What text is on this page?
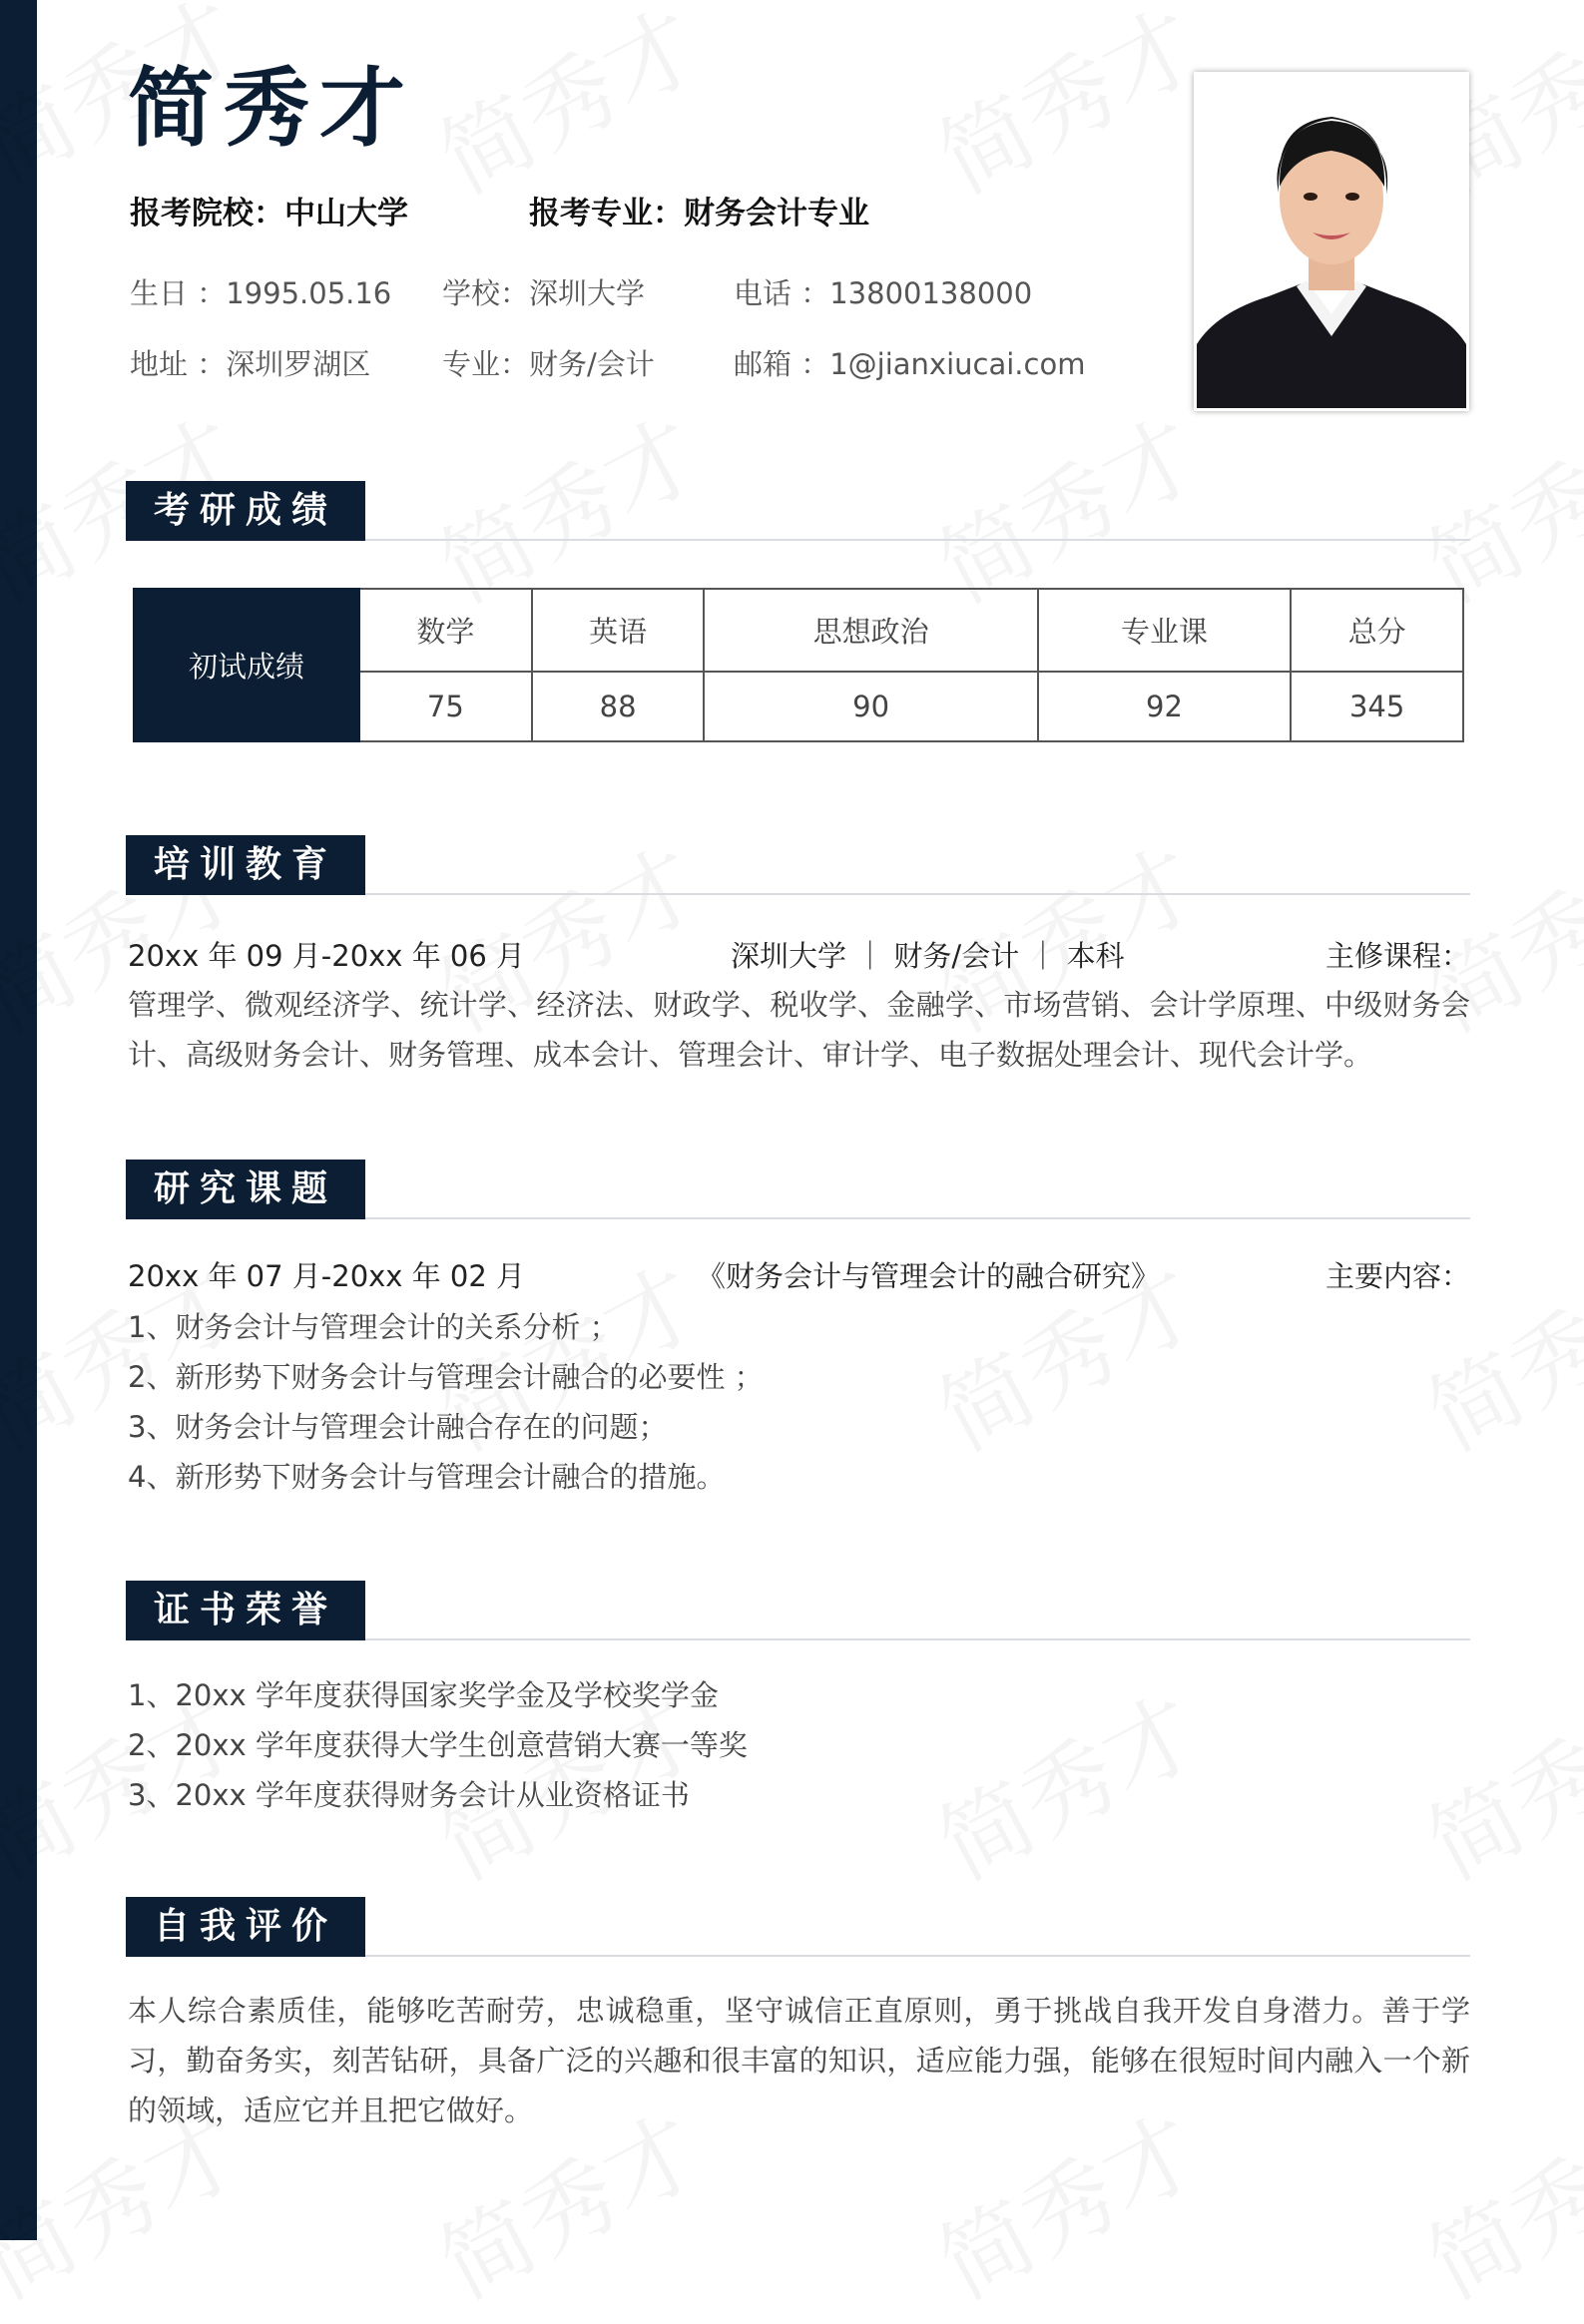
简秀才
报考院校：中山大学	报考专业：财务会计专业
生日 ：1995.05.16 学校：深圳大学	电话 ：13800138000
地址 ：深圳罗湖区 专业：财务/会计	邮箱 ：1@jianxiucai.com
考研成绩
初试成绩	数学	英语	思想政治	专业课	总分
	75	88	90	92	345
培训教育
20xx 年 09 月-20xx 年 06 月	深圳大学 ｜ 财务/会计 ｜ 本科	主修课程：

管理学、微观经济学、统计学、经济法、财政学、税收学、金融学、市场营销、会计学原理、中级财务会计、高级财务会计、财务管理、成本会计、管理会计、审计学、电子数据处理会计、现代会计学。

研究课题
20xx 年 07 月-20xx 年 02 月	《财务会计与管理会计的融合研究》	主要内容：
1、财务会计与管理会计的关系分析 ；
2、新形势下财务会计与管理会计融合的必要性 ；
3、财务会计与管理会计融合存在的问题；
4、新形势下财务会计与管理会计融合的措施。
证书荣誉
1、20xx 学年度获得国家奖学金及学校奖学金
2、20xx 学年度获得大学生创意营销大赛一等奖
3、20xx 学年度获得财务会计从业资格证书
自我评价

本人综合素质佳，能够吃苦耐劳，忠诚稳重，坚守诚信正直原则，勇于挑战自我开发自身潜力。善于学习，勤奋务实，刻苦钻研，具备广泛的兴趣和很丰富的知识，适应能力强，能够在很短时间内融入一个新的领域，适应它并且把它做好。
